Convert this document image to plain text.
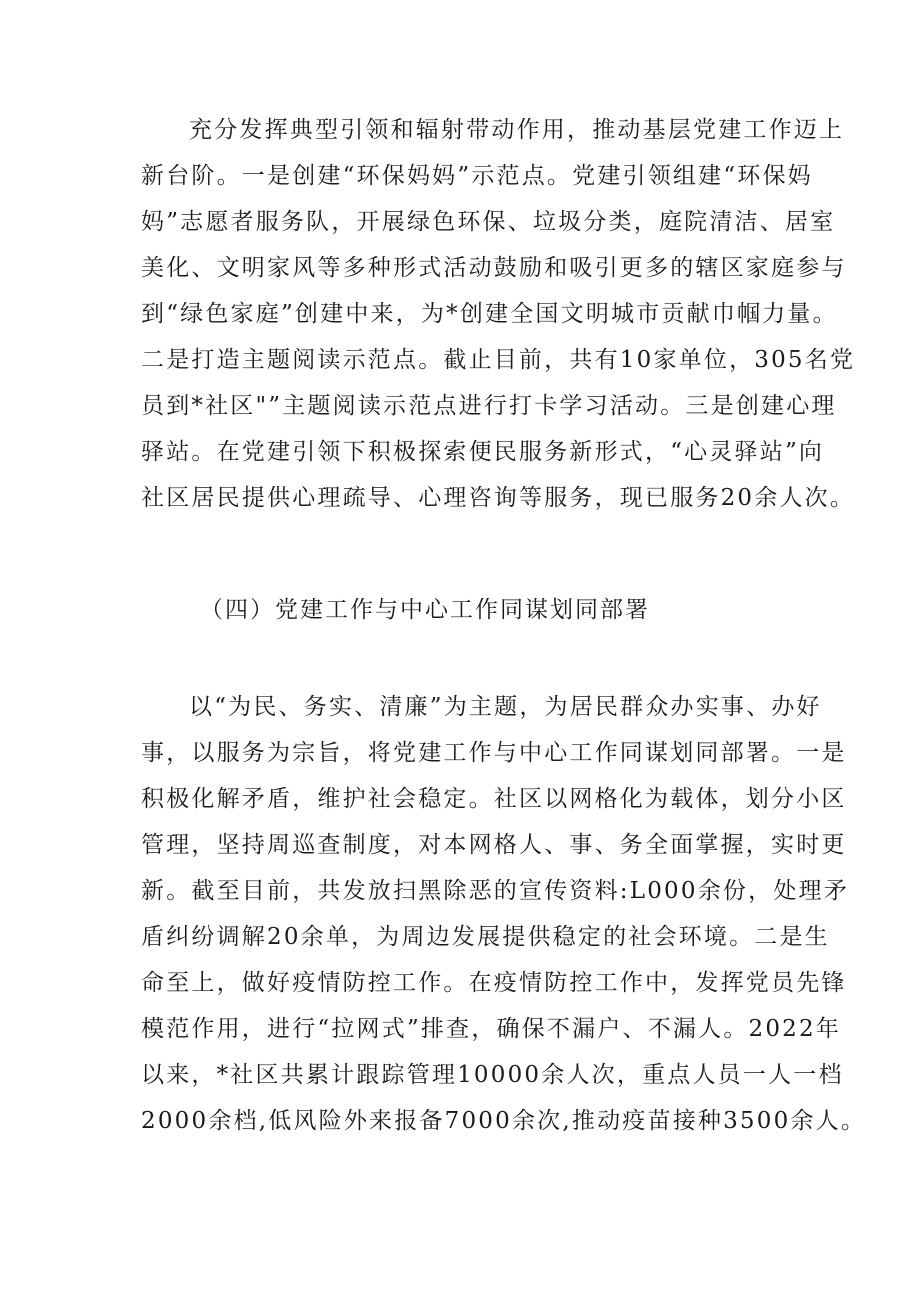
充分发挥典型引领和辐射带动作用，推动基层党建工作迈上
新台阶。一是创建“环保妈妈”示范点。党建引领组建“环保妈
妈”志愿者服务队，开展绿色环保、垃圾分类，庭院清洁、居室
美化、文明家风等多种形式活动鼓励和吸引更多的辖区家庭参与
到“绿色家庭”创建中来，为*创建全国文明城市贡献巾帼力量。
二是打造主题阅读示范点。截止目前，共有10家单位，305名党
员到*社区"”主题阅读示范点进行打卡学习活动。三是创建心理
驿站。在党建引领下积极探索便民服务新形式，“心灵驿站”向
社区居民提供心理疏导、心理咨询等服务，现已服务20余人次。
（四）党建工作与中心工作同谋划同部署
以“为民、务实、清廉”为主题，为居民群众办实事、办好
事，以服务为宗旨，将党建工作与中心工作同谋划同部署。一是
积极化解矛盾，维护社会稳定。社区以网格化为载体，划分小区
管理，坚持周巡查制度，对本网格人、事、务全面掌握，实时更
新。截至目前，共发放扫黑除恶的宣传资料:L000余份，处理矛
盾纠纷调解20余单，为周边发展提供稳定的社会环境。二是生
命至上，做好疫情防控工作。在疫情防控工作中，发挥党员先锋
模范作用，进行“拉网式”排查，确保不漏户、不漏人。2022年
以来，*社区共累计跟踪管理10000余人次，重点人员一人一档
2000余档,低风险外来报备7000余次,推动疫苗接种3500余人。
